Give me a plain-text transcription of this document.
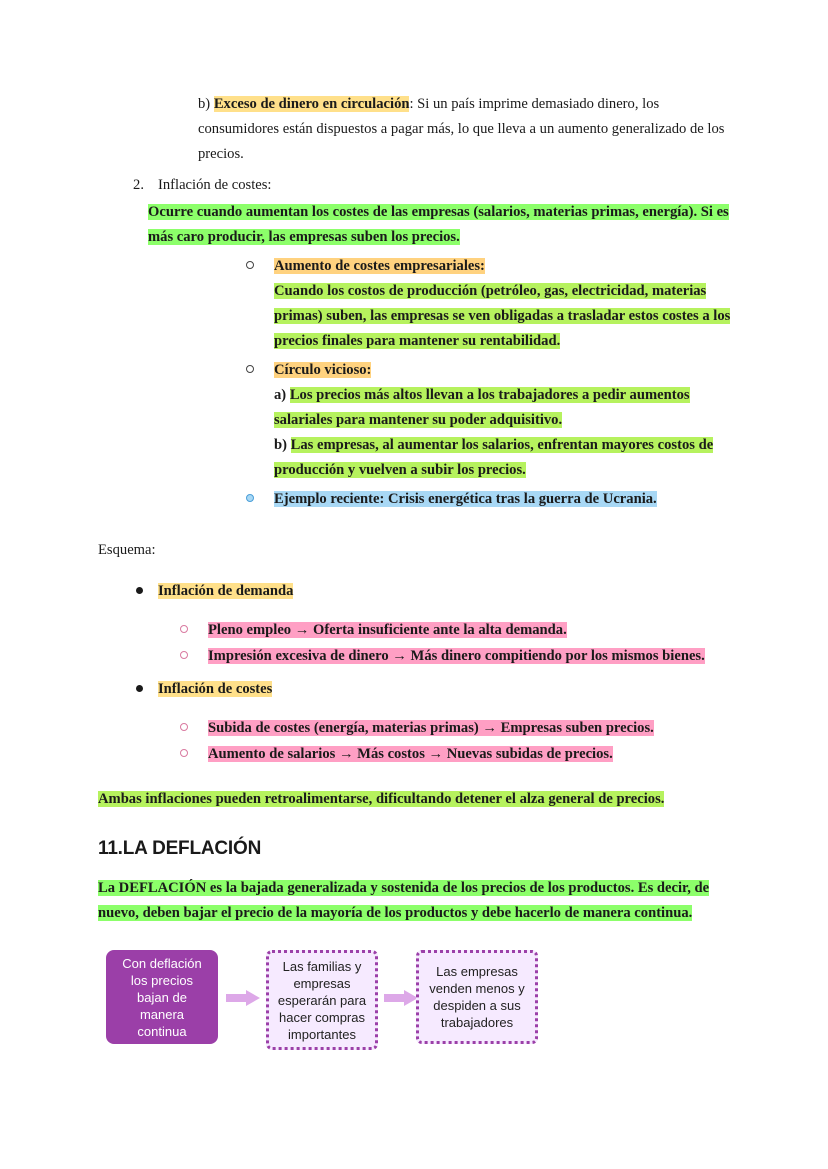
b) Exceso de dinero en circulación: Si un país imprime demasiado dinero, los consumidores están dispuestos a pagar más, lo que lleva a un aumento generalizado de los precios.
2. Inflación de costes:
Ocurre cuando aumentan los costes de las empresas (salarios, materias primas, energía). Si es más caro producir, las empresas suben los precios.
Aumento de costes empresariales:
Cuando los costos de producción (petróleo, gas, electricidad, materias primas) suben, las empresas se ven obligadas a trasladar estos costes a los precios finales para mantener su rentabilidad.
Círculo vicioso:
a) Los precios más altos llevan a los trabajadores a pedir aumentos salariales para mantener su poder adquisitivo.
b) Las empresas, al aumentar los salarios, enfrentan mayores costos de producción y vuelven a subir los precios.
Ejemplo reciente: Crisis energética tras la guerra de Ucrania.
Esquema:
Inflación de demanda
Pleno empleo → Oferta insuficiente ante la alta demanda.
Impresión excesiva de dinero → Más dinero compitiendo por los mismos bienes.
Inflación de costes
Subida de costes (energía, materias primas) → Empresas suben precios.
Aumento de salarios → Más costos → Nuevas subidas de precios.
Ambas inflaciones pueden retroalimentarse, dificultando detener el alza general de precios.
11.LA DEFLACIÓN
La DEFLACIÓN es la bajada generalizada y sostenida de los precios de los productos. Es decir, de nuevo, deben bajar el precio de la mayoría de los productos y debe hacerlo de manera continua.
Con deflación los precios bajan de manera continua
Las familias y empresas esperarán para hacer compras importantes
Las empresas venden menos y despiden a sus trabajadores
